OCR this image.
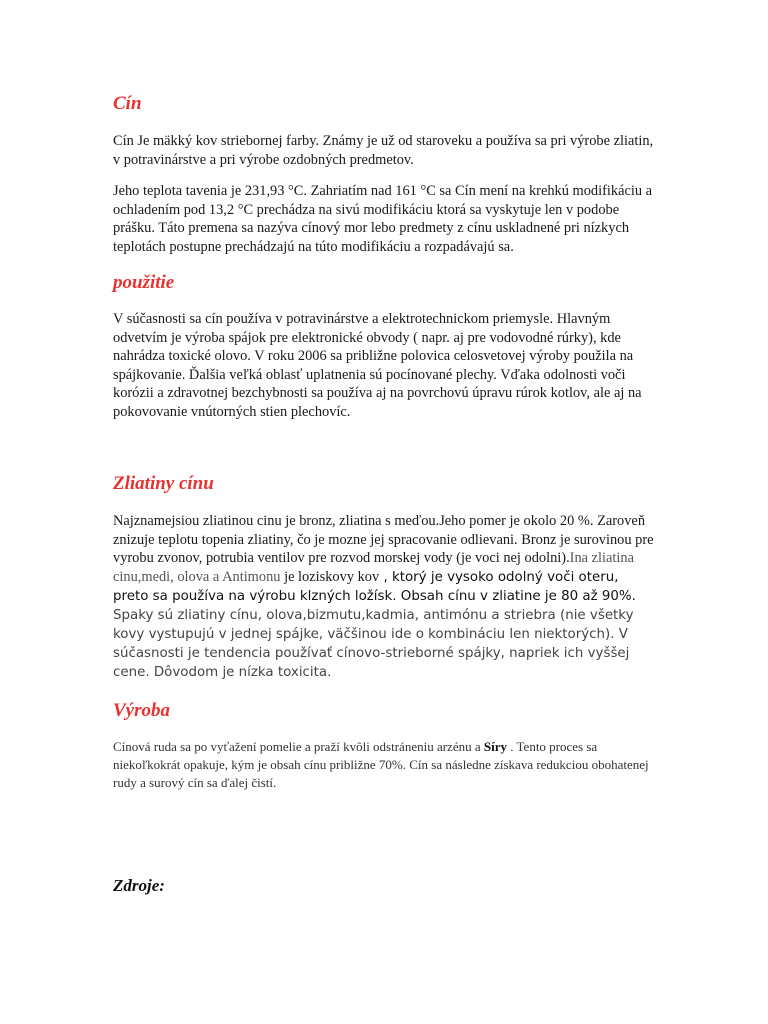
Cín

Cín Je mäkký kov striebornej farby. Známy je už od staroveku a používa sa pri výrobe zliatin, v potravinárstve a pri výrobe ozdobných predmetov.

Jeho teplota tavenia je 231,93 °C. Zahriatím nad 161 °C sa Cín mení na krehkú modifikáciu a ochladením pod 13,2 °C prechádza na sivú modifikáciu ktorá sa vyskytuje len v podobe prášku. Táto premena sa nazýva cínový mor lebo predmety z cínu uskladnené pri nízkych teplotách postupne prechádzajú na túto modifikáciu a rozpadávajú sa.

použitie

V súčasnosti sa cín používa v potravinárstve a elektrotechnickom priemysle. Hlavným odvetvím je výroba spájok pre elektronické obvody ( napr. aj pre vodovodné rúrky), kde nahrádza toxické olovo. V roku 2006 sa približne polovica celosvetovej výroby použila na spájkovanie. Ďalšia veľká oblasť uplatnenia sú pocínované plechy. Vďaka odolnosti voči korózii a zdravotnej bezchybnosti sa používa aj na povrchovú úpravu rúrok kotlov, ale aj na pokovovanie vnútorných stien plechovíc.

Zliatiny cínu

Najznamejsiou zliatinou cinu je bronz, zliatina s meďou.Jeho pomer je okolo 20 %. Zaroveň znizuje teplotu topenia zliatiny, čo je mozne jej spracovanie odlievani. Bronz je surovinou pre vyrobu zvonov, potrubia ventilov pre rozvod morskej vody (je voci nej odolni).Ina zliatina cinu,medi, olova a Antimonu je loziskovy kov , ktorý je vysoko odolný voči oteru, preto sa používa na výrobu klzných ložísk. Obsah cínu v zliatine je 80 až 90%. Spaky sú zliatiny cínu, olova,bizmutu,kadmia, antimónu a striebra (nie všetky kovy vystupujú v jednej spájke, väčšinou ide o kombináciu len niektorých). V súčasnosti je tendencia používať cínovo-strieborné spájky, napriek ich vyššej cene. Dôvodom je nízka toxicita.

Výroba

Cínová ruda sa po vyťažení pomelie a praží kvôli odstráneniu arzénu a Síry . Tento proces sa niekoľkokrát opakuje, kým je obsah cínu približne 70%. Cín sa následne získava redukciou obohatenej rudy a surový cín sa ďalej čistí.

Zdroje:
